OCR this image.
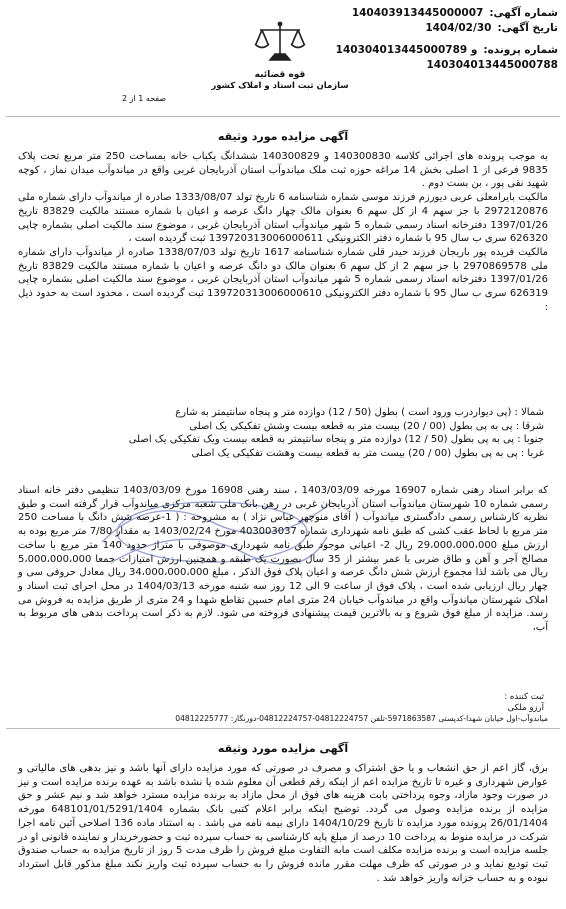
شماره آگهی:140403913445000007
تاریخ آگهی:1404/02/30
شماره پرونده:140304013445000789 و
140304013445000788
قوه قضائیه
سازمان ثبت اسناد و املاک کشور
صفحه 1 از 2
آگهی مزایده مورد وثیقه

به موجب پرونده های اجرائی کلاسه 140300830 و 140300829 ششدانگ یکباب خانه بمساحت 250 متر مربع تحت پلاک 9835 فرعی از 1 اصلی بخش 14 مراغه حوزه ثبت ملک میاندوآب استان آذربایجان غربی واقع در میاندوآب میدان نماز ، کوچه شهید نقی پور ، بن بست دوم .

مالکیت بایرامعلی عربی دیورزم فرزند موسی شماره شناسنامه 6 تاریخ تولد 1333/08/07 صادره از میاندوآب دارای شماره ملی 2972120876 با جز سهم 4 از کل سهم 6 بعنوان مالک چهار دانگ عرصه و اعیان با شماره مستند مالکیت 83829 تاریخ 1397/01/26 دفترخانه اسناد رسمی شماره 5 شهر میاندوآب استان آذربایجان غربی ، موضوع سند مالکیت اصلی بشماره چاپی 626320 سری ب سال 95 با شماره دفتر الکترونیکی 139720313006000611 ثبت گردیده است ،

مالکیت فریده پور باریجان فرزند حیدر قلی شماره شناسنامه 1617 تاریخ تولد 1338/07/03 صادره از میاندوآب دارای شماره ملی 2970869578 با جز سهم 2 از کل سهم 6 بعنوان مالک دو دانگ عرصه و اعیان با شماره مستند مالکیت 83829 تاریخ 1397/01/26 دفترخانه اسناد رسمی شماره 5 شهر میاندوآب استان آذربایجان غربی ، موضوع سند مالکیت اصلی بشماره چاپی 626319 سری ب سال 95 با شماره دفتر الکترونیکی 139720313006000610 ثبت گردیده است ، محدود است به حدود ذیل :

شمالا : (پی دیواردرب ورود است ) بطول (50 / 12) دوازده متر و پنجاه سانتیمتر به شارع
شرقا : پی به پی بطول (00 / 20) بیست متر به قطعه بیست وشش تفکیکی یک اصلی
جنوبا : پی به پی بطول (50 / 12) دوازده متر و پنجاه سانتیمتر به قطعه بیست ویک تفکیکی یک اصلی
غربا : پی به پی بطول (00 / 20) بیست متر به قطعه بیست وهشت تفکیکی یک اصلی

که برابر اسناد رهنی شماره 16907 مورخه 1403/03/09 ، سند رهنی 16908 مورخ 1403/03/09 تنظیمی دفتر خانه اسناد رسمی شماره 10 شهرستان میاندوآب استان آذربایجان غربی در رهن بانک ملی شعبه مرکزی میاندوآب قرار گرفته است و طبق نظریه کارشناس رسمی دادگستری میاندوآب ( آقای منوچهر عباس نژاد ) به مشروحه : ( 1-عرصه شش دانگ با مساحت 250 متر مربع با لحاظ عقب کشی که طبق نامه شهرداری شماره 403003037 مورخ 1403/02/24 به مقدار 7/80 متر مربع بوده به ارزش مبلغ 29،000،000،000 ریال 2- اعیانی موجود طبق نامه شهرداری موصوفی با متراژ حدود 140 متر مربع با ساخت مصالح آجر و آهن و طاق ضربی با عمر بیشتر از 35 سال بصورت یک طبقه و همچنین ارزش امتیازات جمعا 5،000،000،000 ریال می باشد لذا مجموع ارزش شش دانگ عرصه و اعیان پلاک فوق الذکر ، مبلغ 34،000،000،000 ریال معادل حروفی سی و چهار ریال ارزیابی شده است ، پلاک فوق از ساعت 9 الی 12 روز سه شنبه مورخه 1404/03/13 در محل اجرای ثبت اسناد و املاک شهرستان میاندوآب واقع در میاندوآب خیابان 24 متری امام حسین تقاطع شهدا و 24 متری از طریق مزایده به فروش می رسد. مزایده از مبلغ فوق شروع و به بالاترین قیمت پیشنهادی فروخته می شود. لازم به ذکر است پرداخت بدهی های مربوط به آب،

ثبت کننده :
آرزو ملکی
میاندوآب-اول خیابان شهدا-کدپستی 5971863587-تلفن 04812224757-04812224757-دورنگار: 04812225777
آگهی مزایده مورد وثیقه

برق، گاز اعم از حق انشعاب و یا حق اشتراک و مصرف در صورتی که مورد مزایده دارای آنها باشد و نیز بدهی های مالیاتی و عوارض شهرداری و غیره تا تاریخ مزایده اعم از اینکه رقم قطعی آن معلوم شده یا نشده باشد به عهده برنده مزایده است و نیز در صورت وجود مازاد، وجوه پرداختی بابت هزینه های فوق از محل مازاد به برنده مزایده مسترد خواهد شد و نیم عشر و حق مزایده از برنده مزایده وصول می گردد. توضیح اینکه برابر اعلام کتبی بانک بشماره 648101/01/5291/1404 مورخه 26/01/1404 پرونده مورد مزایده تا تاریخ 1404/10/29 دارای بیمه نامه می باشد . به استناد ماده 136 اصلاحی آئین نامه اجرا شرکت در مزایده منوط به پرداخت 10 درصد از مبلغ پایه کارشناسی به حساب سپرده ثبت و حضورخریدار و نماینده قانونی او در جلسه مزایده است و برنده مزایده مکلف است مابه التفاوت مبلغ فروش را ظرف مدت 5 روز از تاریخ مزایده به حساب صندوق ثبت تودیع نماید و در صورتی که ظرف مهلت مقرر مانده فروش را به حساب سپرده ثبت واریز نکند مبلغ مذکور قابل استرداد نبوده و به حساب خزانه واریز خواهد شد .
